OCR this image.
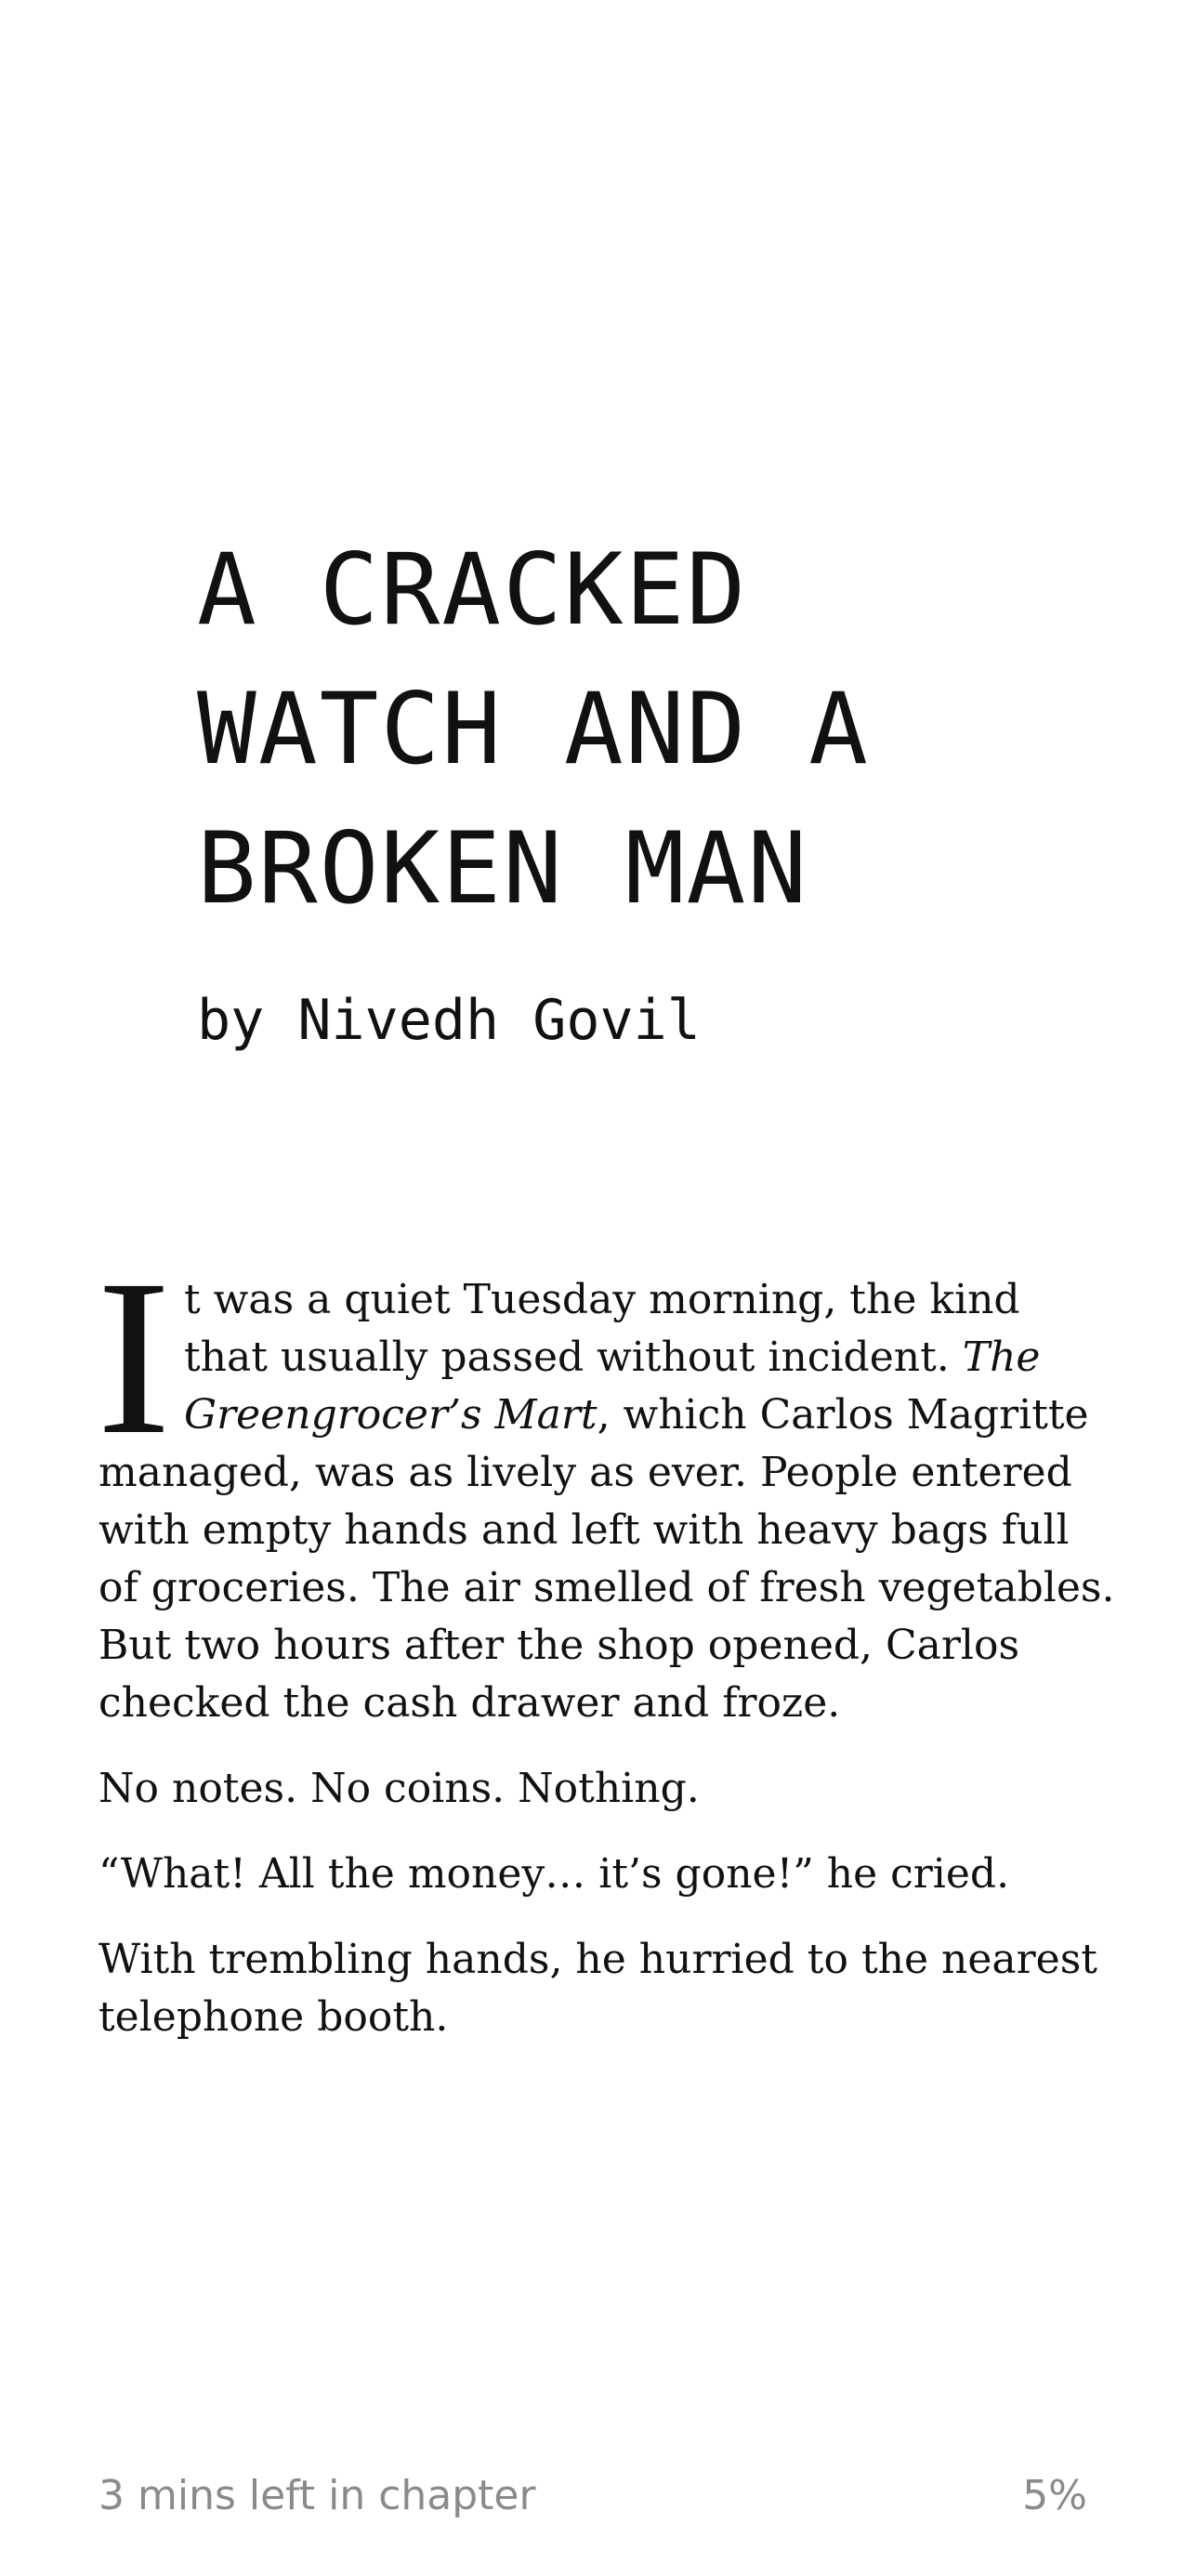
A CRACKED
WATCH AND A
BROKEN MAN

by Nivedh Govil

I t was a quiet Tuesday morning, the kind
that usually passed without incident. The
Greengrocer’s Mart, which Carlos Magritte
managed, was as lively as ever. People entered
with empty hands and left with heavy bags full
of groceries. The air smelled of fresh vegetables.
But two hours after the shop opened, Carlos
checked the cash drawer and froze.

No notes. No coins. Nothing.

“What! All the money… it’s gone!” he cried.

With trembling hands, he hurried to the nearest
telephone booth.

3 mins left in chapter	5%
